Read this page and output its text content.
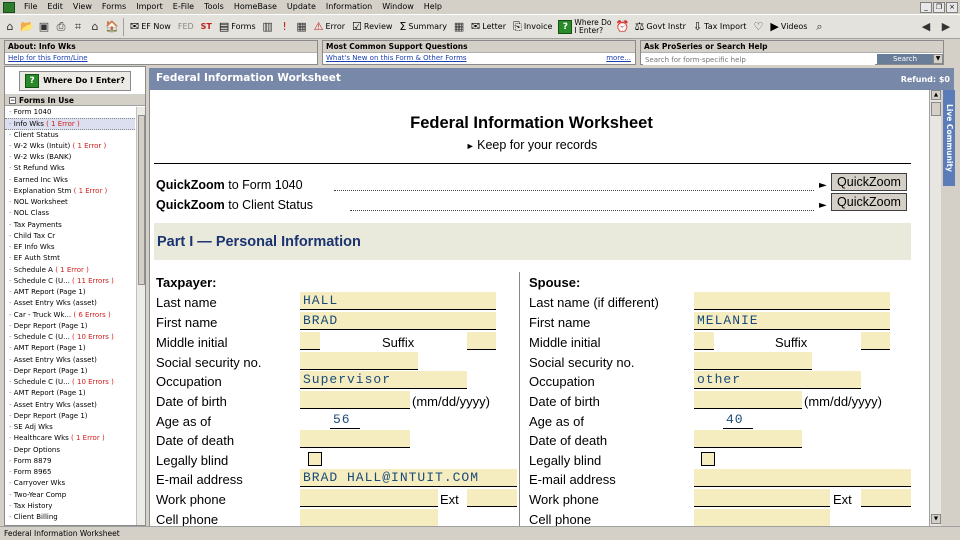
File	Edit	View	Forms	Import	E-File	Tools	HomeBase	Update	Information	Window	Help	_	❐ ×
⌂ 📂 ▣ ⎙ ⌗ ⌂ 🏠 ✉ EF Now FED ST ▤ Forms ▥ ! ▦ ⚠ Error ☑ Review Σ Summary ▦ ✉ Letter ⎘ Invoice	? Where Do
I Enter?	⏰ ⚖ Govt Instr ⇩ Tax Import ♡ ▶ Videos ⌕	◀	▶
About: Info Wks
Help for this Form/Line
Most Common Support Questions
What's New on this Form & Other Forms	more...
Ask ProSeries or Search Help
Search for form-specific help
Search	▼
?	Where Do I Enter?
− Forms In Use
- Form 1040
- Info Wks ( 1 Error )
- Client Status
- W-2 Wks (Intuit) ( 1 Error )
- W-2 Wks (BANK)
- St Refund Wks
- Earned Inc Wks
- Explanation Stm ( 1 Error )
- NOL Worksheet
- NOL Class
- Tax Payments
- Child Tax Cr
- EF Info Wks
- EF Auth Stmt
- Schedule A ( 1 Error )
- Schedule C (U... ( 11 Errors )
- AMT Report (Page 1)
- Asset Entry Wks (asset)
- Car - Truck Wk... ( 6 Errors )
- Depr Report (Page 1)
- Schedule C (U... ( 10 Errors )
- AMT Report (Page 1)
- Asset Entry Wks (asset)
- Depr Report (Page 1)
- Schedule C (U... ( 10 Errors )
- AMT Report (Page 1)
- Asset Entry Wks (asset)
- Depr Report (Page 1)
- SE Adj Wks
- Healthcare Wks ( 1 Error )
- Depr Options
- Form 8879
- Form 8965
- Carryover Wks
- Two-Year Comp
- Tax History
- Client Billing
Federal Information Worksheet	Refund: $0
Federal Information Worksheet
► Keep for your records
QuickZoom to Form 1040	► QuickZoom
QuickZoom to Client Status	► QuickZoom
Part I — Personal Information
Taxpayer:
Last name	HALL
First name	BRAD
Middle initial	Suffix
Social security no.
Occupation	Supervisor
Date of birth	(mm/dd/yyyy)
Age as of	56
Date of death
Legally blind
E-mail address	BRAD HALL@INTUIT.COM
Work phone	Ext
Cell phone
Spouse:
Last name (if different)
First name	MELANIE
Middle initial	Suffix
Social security no.
Occupation	other
Date of birth	(mm/dd/yyyy)
Age as of	40
Date of death
Legally blind
E-mail address
Work phone	Ext
Cell phone
▲
▼
Live Community
Federal Information Worksheet
